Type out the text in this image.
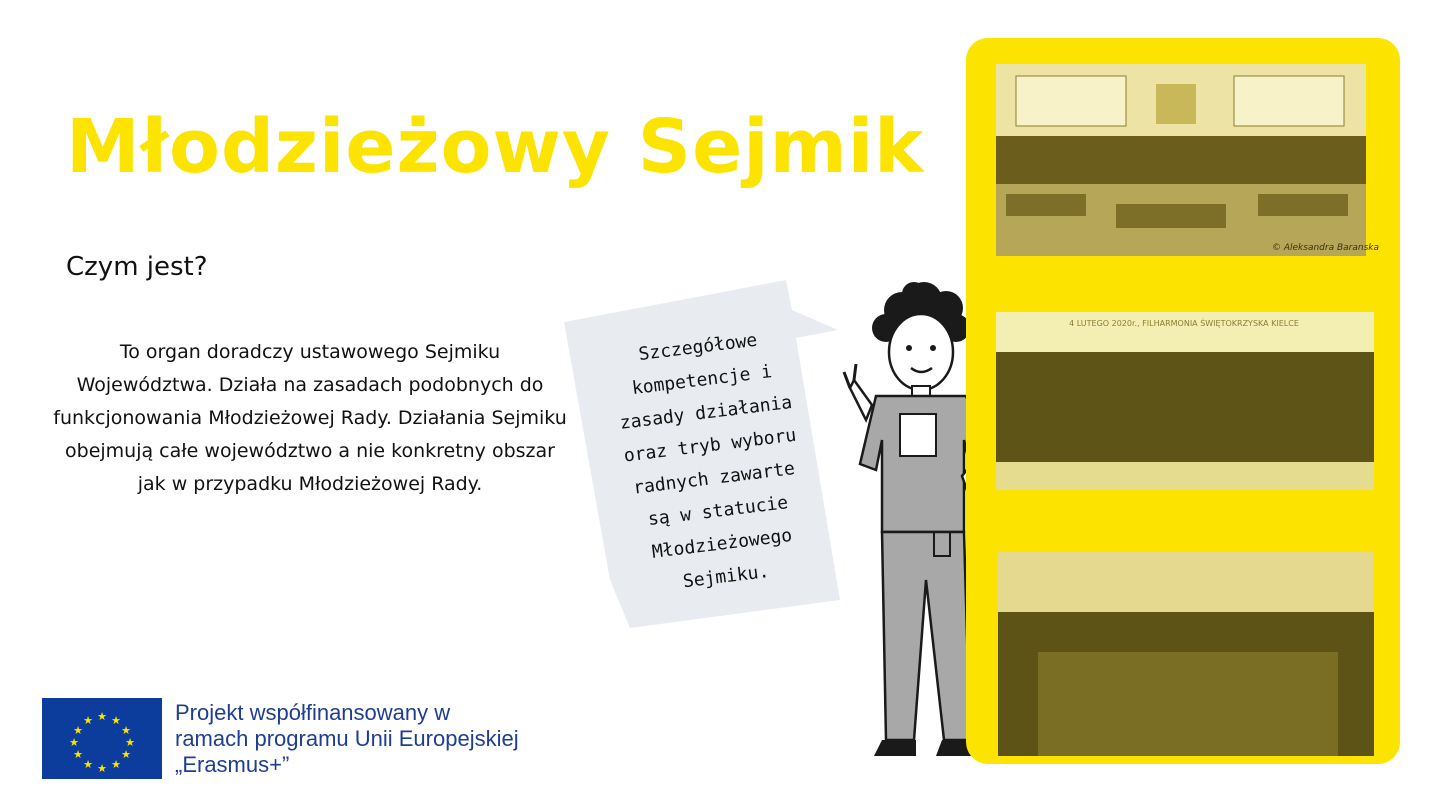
Młodzieżowy Sejmik
Czym jest?
To organ doradczy ustawowego Sejmiku Województwa. Działa na zasadach podobnych do funkcjonowania Młodzieżowej Rady. Działania Sejmiku obejmują całe województwo a nie konkretny obszar jak w przypadku Młodzieżowej Rady.
Szczegółowe
kompetencje i
zasady działania
oraz tryb wyboru
radnych zawarte
są w statucie
Młodzieżowego
Sejmiku.
© Aleksandra Baranska
4 LUTEGO 2020r., FILHARMONIA ŚWIĘTOKRZYSKA KIELCE
★ ★
★
★
★
★
★
★
★
★
★
★	Projekt współfinansowany w
ramach programu Unii Europejskiej
„Erasmus+”
